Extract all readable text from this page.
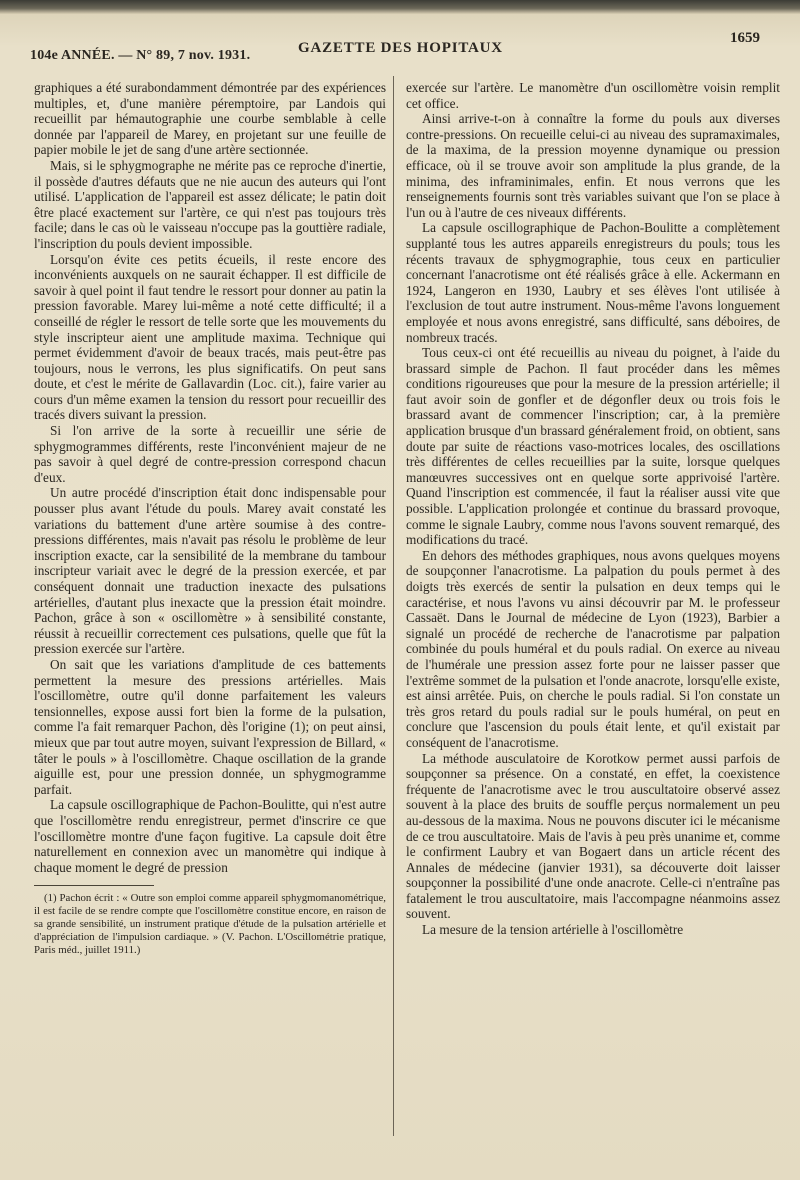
104e ANNÉE. — N° 89, 7 nov. 1931.	GAZETTE DES HOPITAUX
1659

graphiques a été surabondamment démontrée par des expériences multiples, et, d'une manière péremptoire, par Landois qui recueillit par hémautographie une courbe semblable à celle donnée par l'appareil de Marey, en projetant sur une feuille de papier mobile le jet de sang d'une artère sectionnée.

Mais, si le sphygmographe ne mérite pas ce reproche d'inertie, il possède d'autres défauts que ne nie aucun des auteurs qui l'ont utilisé. L'application de l'appareil est assez délicate; le patin doit être placé exactement sur l'artère, ce qui n'est pas toujours très facile; dans le cas où le vaisseau n'occupe pas la gouttière radiale, l'inscription du pouls devient impossible.

Lorsqu'on évite ces petits écueils, il reste encore des inconvénients auxquels on ne saurait échapper. Il est difficile de savoir à quel point il faut tendre le ressort pour donner au patin la pression favorable. Marey lui-même a noté cette difficulté; il a conseillé de régler le ressort de telle sorte que les mouvements du style inscripteur aient une amplitude maxima. Technique qui permet évidemment d'avoir de beaux tracés, mais peut-être pas toujours, nous le verrons, les plus significatifs. On peut sans doute, et c'est le mérite de Gallavardin (Loc. cit.), faire varier au cours d'un même examen la tension du ressort pour recueillir des tracés divers suivant la pression.

Si l'on arrive de la sorte à recueillir une série de sphygmogrammes différents, reste l'inconvénient majeur de ne pas savoir à quel degré de contre-pression correspond chacun d'eux.

Un autre procédé d'inscription était donc indispensable pour pousser plus avant l'étude du pouls. Marey avait constaté les variations du battement d'une artère soumise à des contre-pressions différentes, mais n'avait pas résolu le problème de leur inscription exacte, car la sensibilité de la membrane du tambour inscripteur variait avec le degré de la pression exercée, et par conséquent donnait une traduction inexacte des pulsations artérielles, d'autant plus inexacte que la pression était moindre. Pachon, grâce à son « oscillomètre » à sensibilité constante, réussit à recueillir correctement ces pulsations, quelle que fût la pression exercée sur l'artère.

On sait que les variations d'amplitude de ces battements permettent la mesure des pressions artérielles. Mais l'oscillomètre, outre qu'il donne parfaitement les valeurs tensionnelles, expose aussi fort bien la forme de la pulsation, comme l'a fait remarquer Pachon, dès l'origine (1); on peut ainsi, mieux que par tout autre moyen, suivant l'expression de Billard, « tâter le pouls » à l'oscillomètre. Chaque oscillation de la grande aiguille est, pour une pression donnée, un sphygmogramme parfait.

La capsule oscillographique de Pachon-Boulitte, qui n'est autre que l'oscillomètre rendu enregistreur, permet d'inscrire ce que l'oscillomètre montre d'une façon fugitive. La capsule doit être naturellement en connexion avec un manomètre qui indique à chaque moment le degré de pression

(1) Pachon écrit : « Outre son emploi comme appareil sphygmomanométrique, il est facile de se rendre compte que l'oscillomètre constitue encore, en raison de sa grande sensibilité, un instrument pratique d'étude de la pulsation artérielle et d'appréciation de l'impulsion cardiaque. » (V. Pachon. L'Oscillométrie pratique, Paris méd., juillet 1911.)

exercée sur l'artère. Le manomètre d'un oscillomètre voisin remplit cet office.

Ainsi arrive-t-on à connaître la forme du pouls aux diverses contre-pressions. On recueille celui-ci au niveau des supramaximales, de la maxima, de la pression moyenne dynamique ou pression efficace, où il se trouve avoir son amplitude la plus grande, de la minima, des inframinimales, enfin. Et nous verrons que les renseignements fournis sont très variables suivant que l'on se place à l'un ou à l'autre de ces niveaux différents.

La capsule oscillographique de Pachon-Boulitte a complètement supplanté tous les autres appareils enregistreurs du pouls; tous les récents travaux de sphygmographie, tous ceux en particulier concernant l'anacrotisme ont été réalisés grâce à elle. Ackermann en 1924, Langeron en 1930, Laubry et ses élèves l'ont utilisée à l'exclusion de tout autre instrument. Nous-même l'avons longuement employée et nous avons enregistré, sans difficulté, sans déboires, de nombreux tracés.

Tous ceux-ci ont été recueillis au niveau du poignet, à l'aide du brassard simple de Pachon. Il faut procéder dans les mêmes conditions rigoureuses que pour la mesure de la pression artérielle; il faut avoir soin de gonfler et de dégonfler deux ou trois fois le brassard avant de commencer l'inscription; car, à la première application brusque d'un brassard généralement froid, on obtient, sans doute par suite de réactions vaso-motrices locales, des oscillations très différentes de celles recueillies par la suite, lorsque quelques manœuvres successives ont en quelque sorte apprivoisé l'artère. Quand l'inscription est commencée, il faut la réaliser aussi vite que possible. L'application prolongée et continue du brassard provoque, comme le signale Laubry, comme nous l'avons souvent remarqué, des modifications du tracé.

En dehors des méthodes graphiques, nous avons quelques moyens de soupçonner l'anacrotisme. La palpation du pouls permet à des doigts très exercés de sentir la pulsation en deux temps qui le caractérise, et nous l'avons vu ainsi découvrir par M. le professeur Cassaët. Dans le Journal de médecine de Lyon (1923), Barbier a signalé un procédé de recherche de l'anacrotisme par palpation combinée du pouls huméral et du pouls radial. On exerce au niveau de l'humérale une pression assez forte pour ne laisser passer que l'extrême sommet de la pulsation et l'onde anacrote, lorsqu'elle existe, est ainsi arrêtée. Puis, on cherche le pouls radial. Si l'on constate un très gros retard du pouls radial sur le pouls huméral, on peut en conclure que l'ascension du pouls était lente, et qu'il existait par conséquent de l'anacrotisme.

La méthode ausculatoire de Korotkow permet aussi parfois de soupçonner sa présence. On a constaté, en effet, la coexistence fréquente de l'anacrotisme avec le trou auscultatoire observé assez souvent à la place des bruits de souffle perçus normalement un peu au-dessous de la maxima. Nous ne pouvons discuter ici le mécanisme de ce trou auscultatoire. Mais de l'avis à peu près unanime et, comme le confirment Laubry et van Bogaert dans un article récent des Annales de médecine (janvier 1931), sa découverte doit laisser soupçonner la possibilité d'une onde anacrote. Celle-ci n'entraîne pas fatalement le trou auscultatoire, mais l'accompagne néanmoins assez souvent.

La mesure de la tension artérielle à l'oscillomètre
